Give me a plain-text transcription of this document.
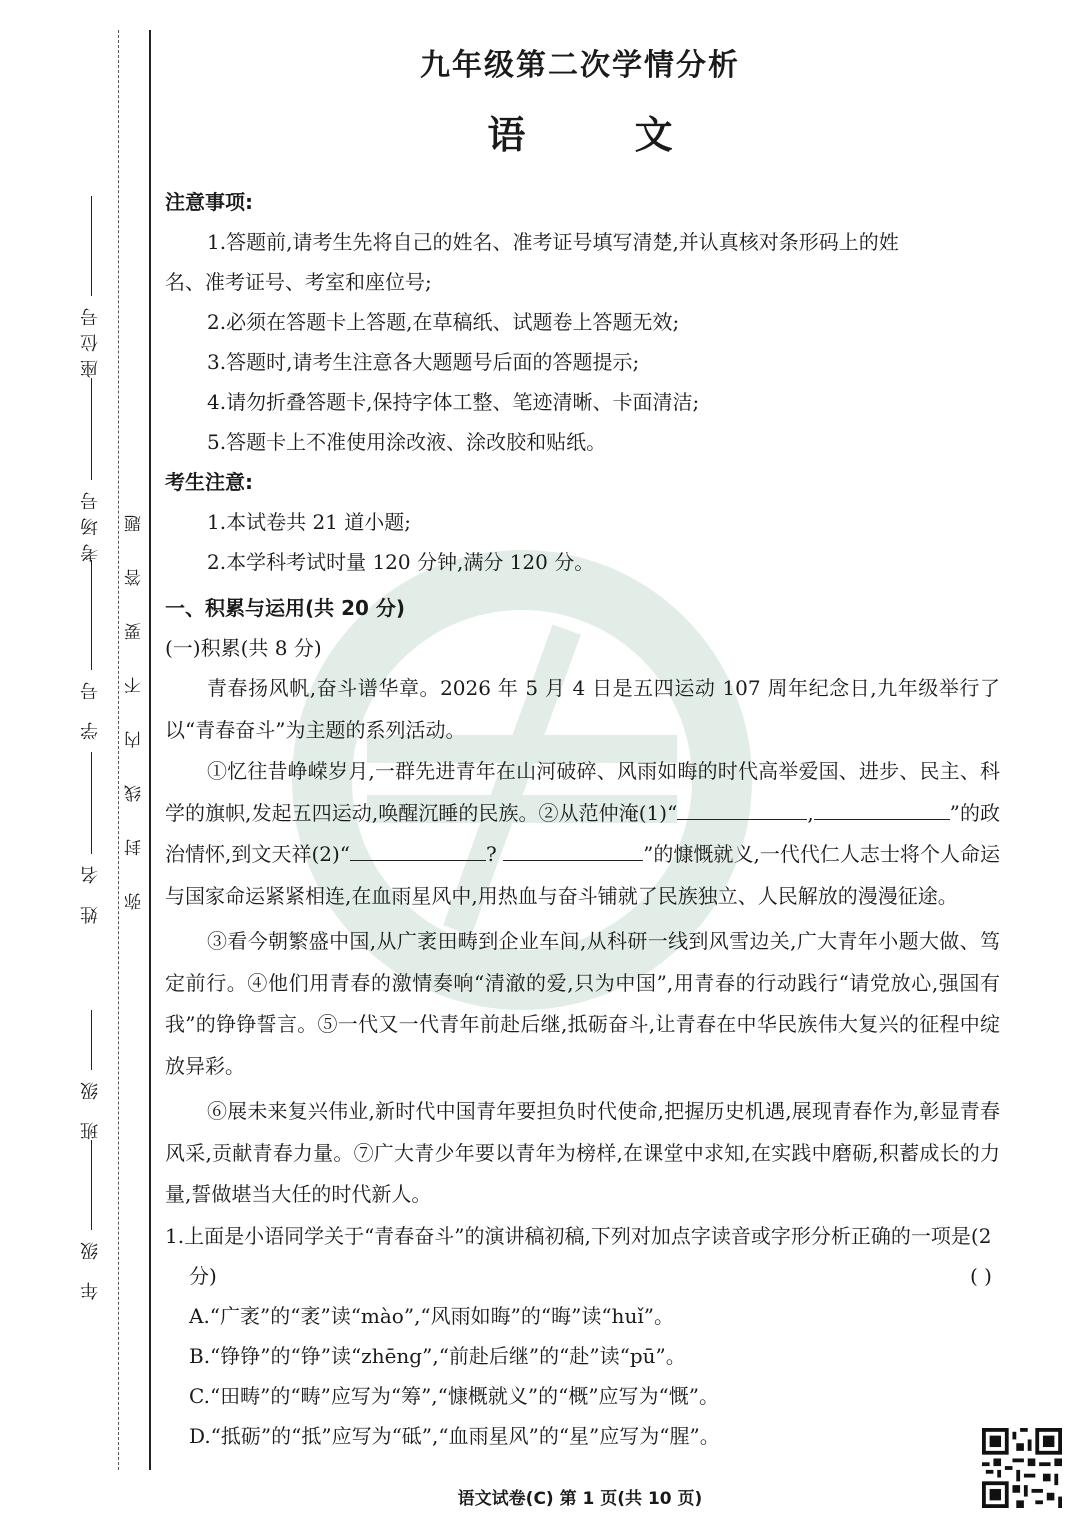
座位号
考场号
学 号
姓 名
班 级
年 级
题
答
要
不
内
线
封
弥
九年级第二次学情分析
语 文
注意事项:

1.答题前,请考生先将自己的姓名、准考证号填写清楚,并认真核对条形码上的姓

名、准考证号、考室和座位号;

2.必须在答题卡上答题,在草稿纸、试题卷上答题无效;

3.答题时,请考生注意各大题题号后面的答题提示;

4.请勿折叠答题卡,保持字体工整、笔迹清晰、卡面清洁;

5.答题卡上不准使用涂改液、涂改胶和贴纸。

考生注意:

1.本试卷共 21 道小题;

2.本学科考试时量 120 分钟,满分 120 分。

一、积累与运用(共 20 分)

(一)积累(共 8 分)

青春扬风帆,奋斗谱华章。2026 年 5 月 4 日是五四运动 107 周年纪念日,九年级举行了以“青春奋斗”为主题的系列活动。

①忆往昔峥嵘岁月,一群先进青年在山河破碎、风雨如晦的时代高举爱国、进步、民主、科学的旗帜,发起五四运动,唤醒沉睡的民族。②从范仲淹(1)“	,	”的政治情怀,到文天祥(2)“	?	”的慷慨就义,一代代仁人志士将个人命运与国家命运紧紧相连,在血雨星风中,用热血与奋斗铺就了民族独立、人民解放的漫漫征途。

③看今朝繁盛中国,从广袤田畴到企业车间,从科研一线到风雪边关,广大青年小题大做、笃定前行。④他们用青春的激情奏响“清澈的爱,只为中国”,用青春的行动践行“请党放心,强国有我”的铮铮誓言。⑤一代又一代青年前赴后继,抵砺奋斗,让青春在中华民族伟大复兴的征程中绽放异彩。

⑥展未来复兴伟业,新时代中国青年要担负时代使命,把握历史机遇,展现青春作为,彰显青春风采,贡献青春力量。⑦广大青少年要以青年为榜样,在课堂中求知,在实践中磨砺,积蓄成长的力量,誓做堪当大任的时代新人。

1.上面是小语同学关于“青春奋斗”的演讲稿初稿,下列对加点字读音或字形分析正确的一项是(2 分)	( )

A.“广袤”的“袤”读“mào”,“风雨如晦”的“晦”读“huǐ”。

B.“铮铮”的“铮”读“zhēng”,“前赴后继”的“赴”读“pū”。

C.“田畴”的“畴”应写为“筹”,“慷概就义”的“概”应写为“慨”。

D.“抵砺”的“抵”应写为“砥”,“血雨星风”的“星”应写为“腥”。

语文试卷(C) 第 1 页(共 10 页)
